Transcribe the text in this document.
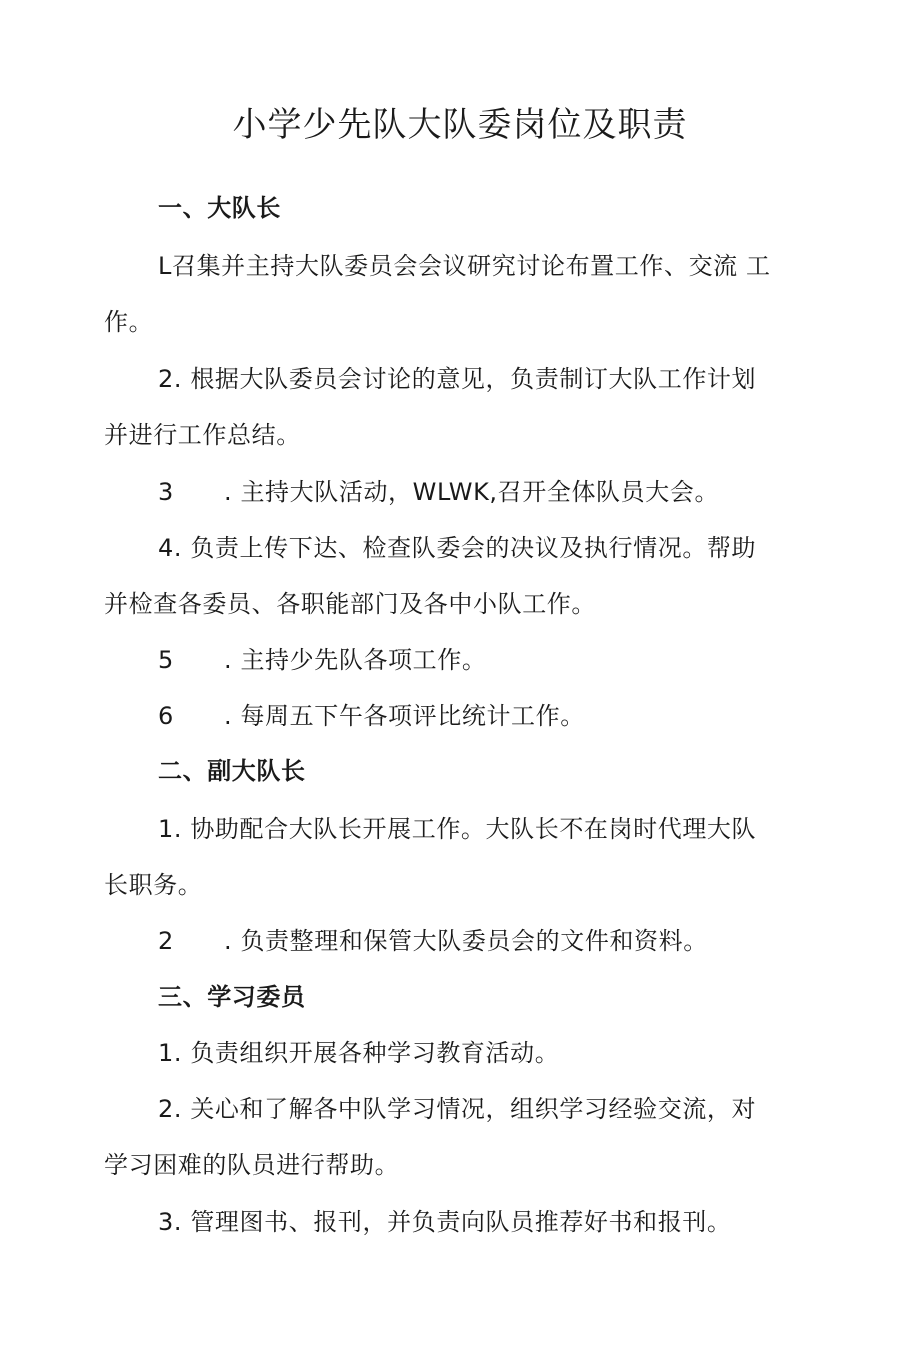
小学少先队大队委岗位及职责
一、大队长
L召集并主持大队委员会会议研究讨论布置工作、交流 工
作。
2. 根据大队委员会讨论的意见，负责制订大队工作计划
并进行工作总结。
3 . 主持大队活动，WLWK,召开全体队员大会。
4. 负责上传下达、检查队委会的决议及执行情况。帮助
并检查各委员、各职能部门及各中小队工作。
5 . 主持少先队各项工作。
6 . 每周五下午各项评比统计工作。
二、副大队长
1. 协助配合大队长开展工作。大队长不在岗时代理大队
长职务。
2 . 负责整理和保管大队委员会的文件和资料。
三、学习委员
1. 负责组织开展各种学习教育活动。
2. 关心和了解各中队学习情况，组织学习经验交流，对
学习困难的队员进行帮助。
3. 管理图书、报刊，并负责向队员推荐好书和报刊。
